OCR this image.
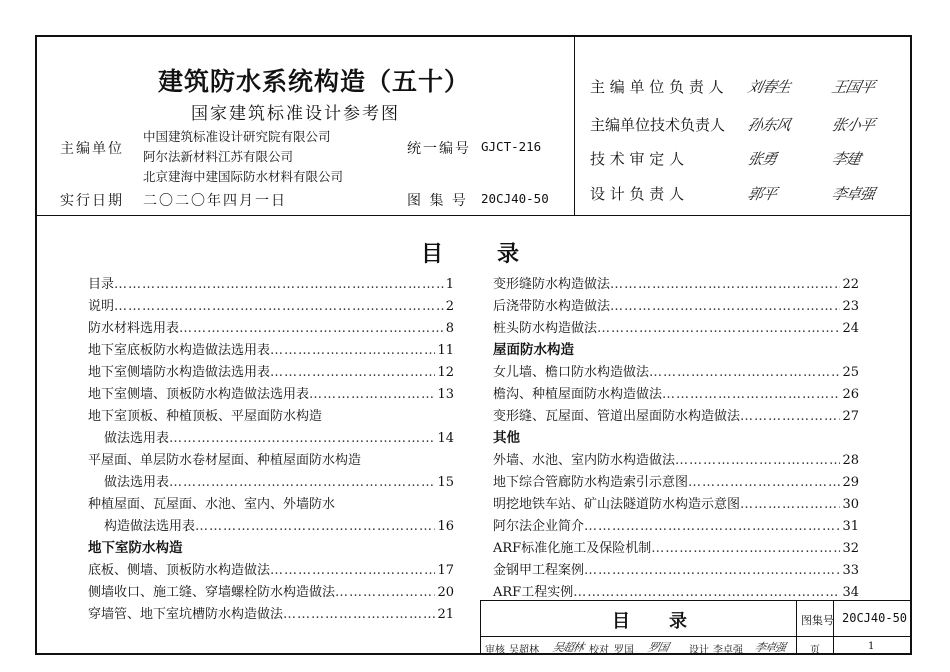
建筑防水系统构造（五十）
国家建筑标准设计参考图
主编单位
中国建筑标准设计研究院有限公司
阿尔法新材料江苏有限公司
北京建海中建国际防水材料有限公司
统一编号 GJCT-216
实行日期 二〇二〇年四月一日	图 集 号 20CJ40-50
主 编 单 位 负 责 人 刘春生	王国平
主编单位技术负责人 孙东风	张小平
技 术 审 定 人	张勇	李建
设 计 负 责 人	郭平	李卓强
目 录
目录 ……………………………………………………………………………………………………………	1
说明 ……………………………………………………………………………………………………………	2
防水材料选用表 ……………………………………………………………………………………………………………	8
地下室底板防水构造做法选用表 ……………………………………………………………………………………………………………	11
地下室侧墙防水构造做法选用表 ……………………………………………………………………………………………………………	12
地下室侧墙、顶板防水构造做法选用表 ……………………………………………………………………………………………………………	13
地下室顶板、种植顶板、平屋面防水构造
做法选用表 ……………………………………………………………………………………………………………	14
平屋面、单层防水卷材屋面、种植屋面防水构造
做法选用表 ……………………………………………………………………………………………………………	15
种植屋面、瓦屋面、水池、室内、外墙防水
构造做法选用表 ……………………………………………………………………………………………………………	16
地下室防水构造
底板、侧墙、顶板防水构造做法 ……………………………………………………………………………………………………………	17
侧墙收口、施工缝、穿墙螺栓防水构造做法 ……………………………………………………………………………………………………………	20
穿墙管、地下室坑槽防水构造做法 ……………………………………………………………………………………………………………	21
变形缝防水构造做法 ……………………………………………………………………………………………………………	22
后浇带防水构造做法 ……………………………………………………………………………………………………………	23
桩头防水构造做法 ……………………………………………………………………………………………………………	24
屋面防水构造
女儿墙、檐口防水构造做法 ……………………………………………………………………………………………………………	25
檐沟、种植屋面防水构造做法 ……………………………………………………………………………………………………………	26
变形缝、瓦屋面、管道出屋面防水构造做法 ……………………………………………………………………………………………………………	27
其他
外墙、水池、室内防水构造做法 ……………………………………………………………………………………………………………	28
地下综合管廊防水构造索引示意图 ……………………………………………………………………………………………………………	29
明挖地铁车站、矿山法隧道防水构造示意图 ……………………………………………………………………………………………………………	30
阿尔法企业简介 ……………………………………………………………………………………………………………	31
ARF标准化施工及保险机制 ……………………………………………………………………………………………………………	32
金钢甲工程案例 ……………………………………………………………………………………………………………	33
ARF工程实例 ……………………………………………………………………………………………………………	34
目 录	图集号 20CJ40-50
审核 吴超林 吴超林 校对 罗国 罗国 设计 李卓强 李卓强 页	1
